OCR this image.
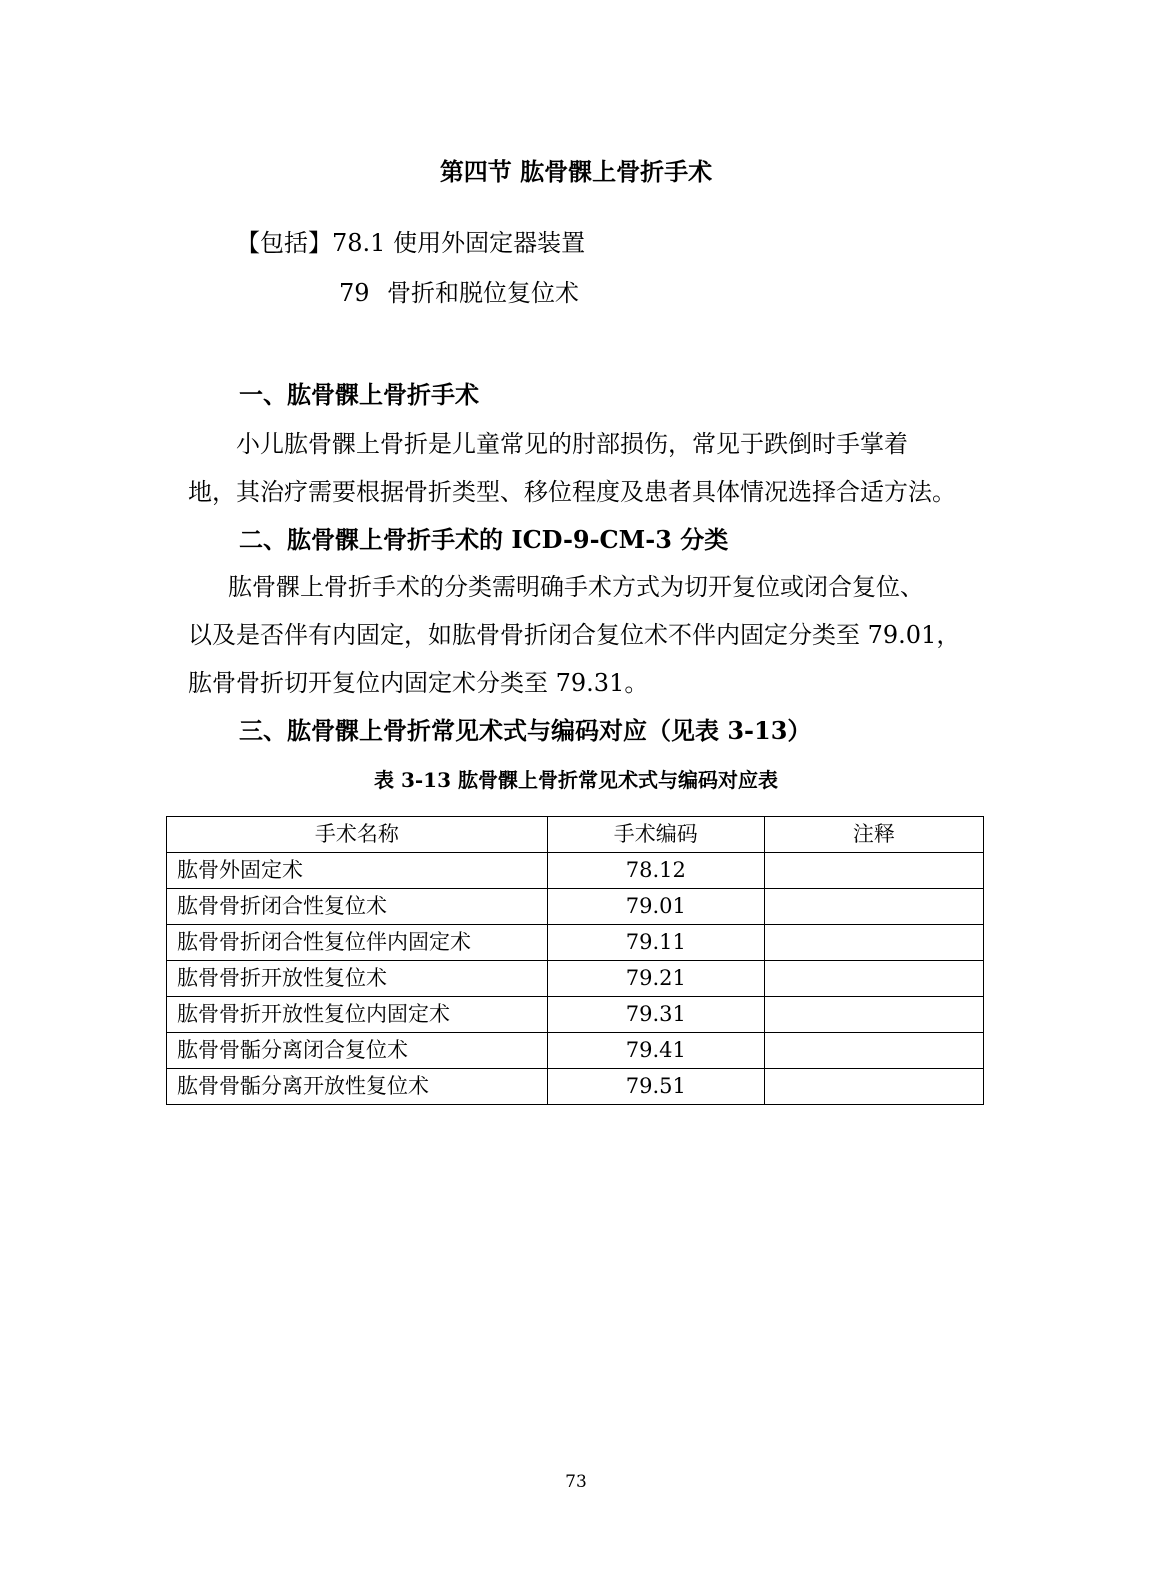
第四节 肱骨髁上骨折手术
【包括】78.1 使用外固定器装置
79 骨折和脱位复位术
一、肱骨髁上骨折手术

小儿肱骨髁上骨折是儿童常见的肘部损伤，常见于跌倒时手掌着
地，其治疗需要根据骨折类型、移位程度及患者具体情况选择合适方法。

二、肱骨髁上骨折手术的 ICD-9-CM-3 分类

肱骨髁上骨折手术的分类需明确手术方式为切开复位或闭合复位、
以及是否伴有内固定，如肱骨骨折闭合复位术不伴内固定分类至 79.01，
肱骨骨折切开复位内固定术分类至 79.31。

三、肱骨髁上骨折常见术式与编码对应（见表 3-13）
表 3-13 肱骨髁上骨折常见术式与编码对应表
手术名称	手术编码	注释
肱骨外固定术	78.12	
肱骨骨折闭合性复位术	79.01	
肱骨骨折闭合性复位伴内固定术	79.11	
肱骨骨折开放性复位术	79.21	
肱骨骨折开放性复位内固定术	79.31	
肱骨骨骺分离闭合复位术	79.41	
肱骨骨骺分离开放性复位术	79.51	
73
